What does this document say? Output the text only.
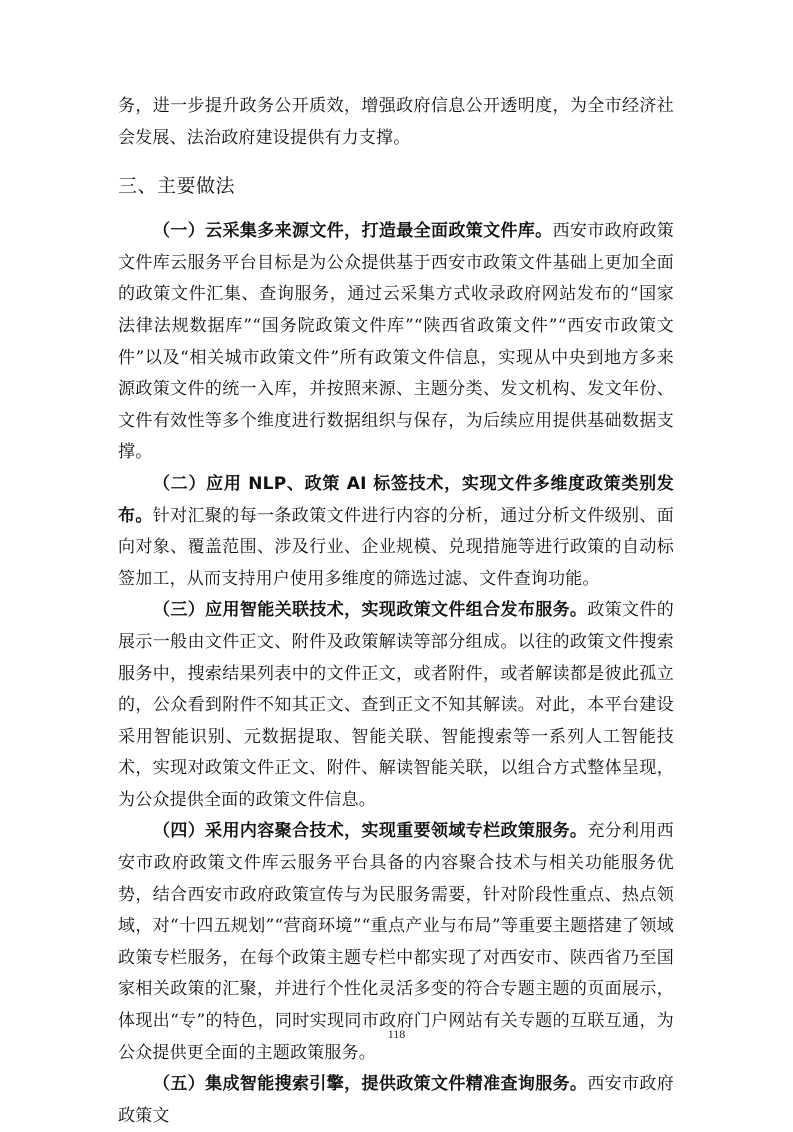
务，进一步提升政务公开质效，增强政府信息公开透明度，为全市经济社会发展、法治政府建设提供有力支撑。

三、主要做法

（一）云采集多来源文件，打造最全面政策文件库。西安市政府政策文件库云服务平台目标是为公众提供基于西安市政策文件基础上更加全面的政策文件汇集、查询服务，通过云采集方式收录政府网站发布的“国家法律法规数据库”“国务院政策文件库”“陕西省政策文件”“西安市政策文件”以及“相关城市政策文件”所有政策文件信息，实现从中央到地方多来源政策文件的统一入库，并按照来源、主题分类、发文机构、发文年份、文件有效性等多个维度进行数据组织与保存，为后续应用提供基础数据支撑。

（二）应用 NLP、政策 AI 标签技术，实现文件多维度政策类别发布。针对汇聚的每一条政策文件进行内容的分析，通过分析文件级别、面向对象、覆盖范围、涉及行业、企业规模、兑现措施等进行政策的自动标签加工，从而支持用户使用多维度的筛选过滤、文件查询功能。

（三）应用智能关联技术，实现政策文件组合发布服务。政策文件的展示一般由文件正文、附件及政策解读等部分组成。以往的政策文件搜索服务中，搜索结果列表中的文件正文，或者附件，或者解读都是彼此孤立的，公众看到附件不知其正文、查到正文不知其解读。对此，本平台建设采用智能识别、元数据提取、智能关联、智能搜索等一系列人工智能技术，实现对政策文件正文、附件、解读智能关联，以组合方式整体呈现，为公众提供全面的政策文件信息。

（四）采用内容聚合技术，实现重要领域专栏政策服务。充分利用西安市政府政策文件库云服务平台具备的内容聚合技术与相关功能服务优势，结合西安市政府政策宣传与为民服务需要，针对阶段性重点、热点领域，对“十四五规划”“营商环境”“重点产业与布局”等重要主题搭建了领域政策专栏服务，在每个政策主题专栏中都实现了对西安市、陕西省乃至国家相关政策的汇聚，并进行个性化灵活多变的符合专题主题的页面展示，体现出“专”的特色，同时实现同市政府门户网站有关专题的互联互通，为公众提供更全面的主题政策服务。

（五）集成智能搜索引擎，提供政策文件精准查询服务。西安市政府政策文

118
